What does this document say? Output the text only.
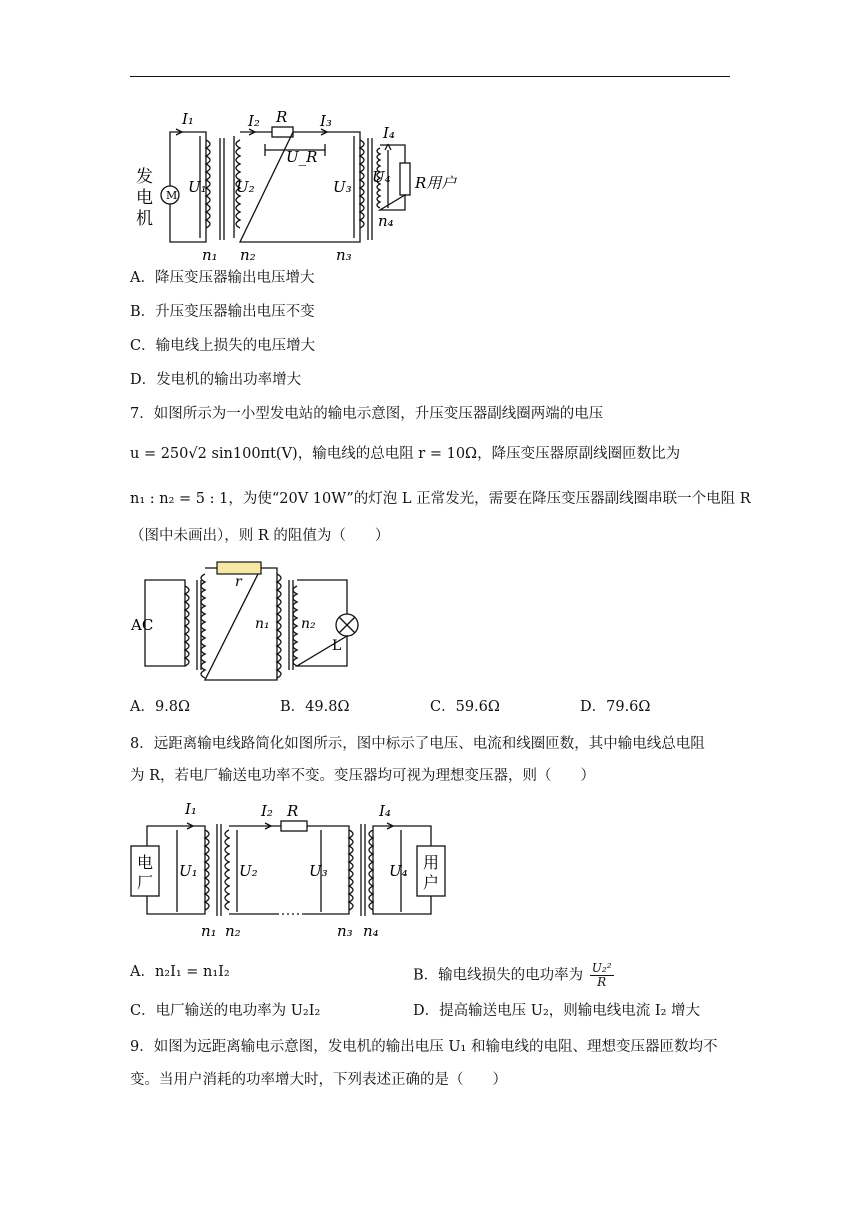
M
发
电
机
I₁	I₂ R I₃
I₄
U_R
U₁ U₂	U₃
U₄ R用户
n₁ n₂	n₃
n₄
A．降压变压器输出电压增大
B．升压变压器输出电压不变
C．输电线上损失的电压增大
D．发电机的输出功率增大
7．如图所示为一小型发电站的输电示意图，升压变压器副线圈两端的电压
u = 250√2 sin100πt(V)，输电线的总电阻 r = 10Ω，降压变压器原副线圈匝数比为
n₁ : n₂ = 5 : 1，为使“20V 10W”的灯泡 L 正常发光，需要在降压变压器副线圈串联一个电阻 R
（图中未画出），则 R 的阻值为（　　）
r
AC	n₁ n₂
L
A．9.8Ω	B．49.8Ω	C．59.6Ω	D．79.6Ω
8．远距离输电线路简化如图所示，图中标示了电压、电流和线圈匝数，其中输电线总电阻
为 R，若电厂输送电功率不变。变压器均可视为理想变压器，则（　　）
电
厂
用
户
I₁	I₂ R	I₄
U₁	U₂	U₃	U₄
n₁ n₂	n₃ n₄
A．n₂I₁ = n₁I₂	B．输电线损失的电功率为 $\frac{\text{U₂²}}{R}$
C．电厂输送的电功率为 U₂I₂	D．提高输送电压 U₂，则输电线电流 I₂ 增大
9．如图为远距离输电示意图，发电机的输出电压 U₁ 和输电线的电阻、理想变压器匝数均不
变。当用户消耗的功率增大时，下列表述正确的是（　　）
